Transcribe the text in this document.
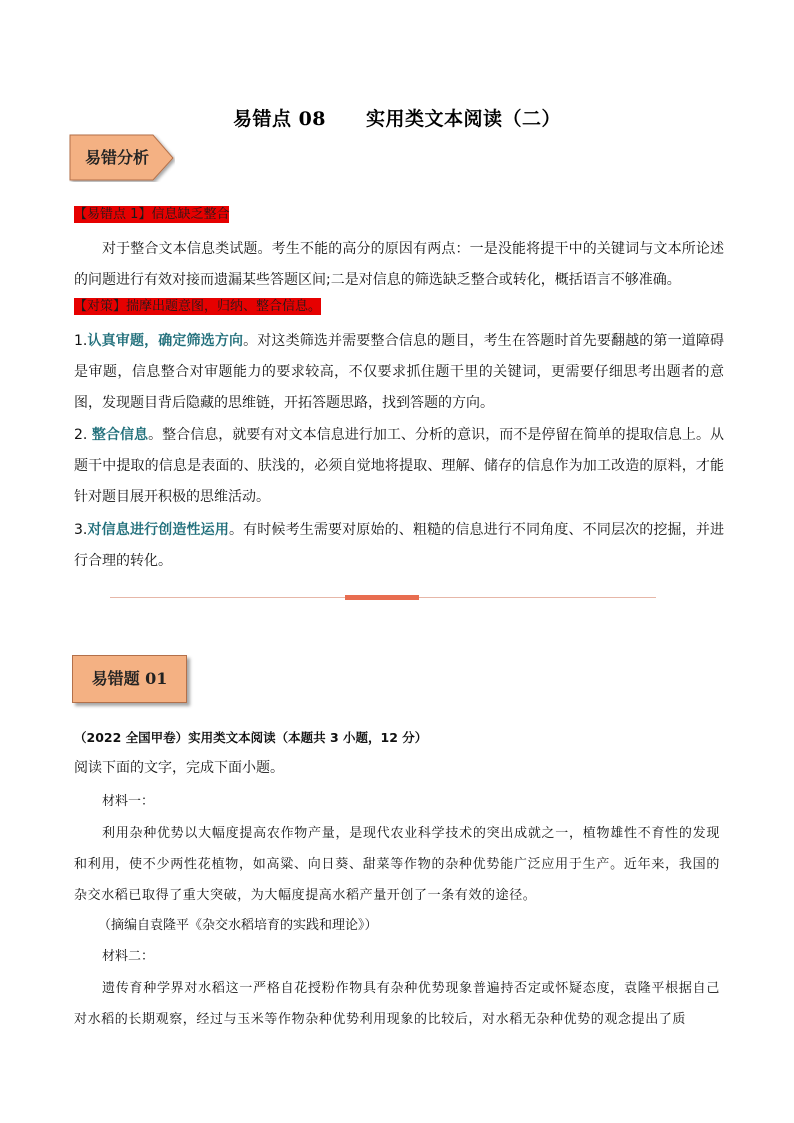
易错点 08 实用类文本阅读（二）
易错分析
【易错点 1】信息缺乏整合
对于整合文本信息类试题。考生不能的高分的原因有两点：一是没能将提干中的关键词与文本所论述的问题进行有效对接而遗漏某些答题区间;二是对信息的筛选缺乏整合或转化，概括语言不够准确。
【对策】揣摩出题意图，归纳、整合信息。
1.认真审题，确定筛选方向。对这类筛选并需要整合信息的题目，考生在答题时首先要翻越的第一道障碍是审题，信息整合对审题能力的要求较高，不仅要求抓住题干里的关键词，更需要仔细思考出题者的意图，发现题目背后隐藏的思维链，开拓答题思路，找到答题的方向。
2. 整合信息。整合信息，就要有对文本信息进行加工、分析的意识，而不是停留在简单的提取信息上。从题干中提取的信息是表面的、肤浅的，必须自觉地将提取、理解、储存的信息作为加工改造的原料，才能针对题目展开积极的思维活动。
3.对信息进行创造性运用。有时候考生需要对原始的、粗糙的信息进行不同角度、不同层次的挖掘，并进行合理的转化。
易错题 01
（2022 全国甲卷）实用类文本阅读（本题共 3 小题，12 分）
阅读下面的文字，完成下面小题。
材料一：
利用杂种优势以大幅度提高农作物产量，是现代农业科学技术的突出成就之一，植物雄性不育性的发现和利用，使不少两性花植物，如高粱、向日葵、甜菜等作物的杂种优势能广泛应用于生产。近年来，我国的杂交水稻已取得了重大突破，为大幅度提高水稻产量开创了一条有效的途径。
（摘编自袁隆平《杂交水稻培育的实践和理论》）
材料二：
遗传育种学界对水稻这一严格自花授粉作物具有杂种优势现象普遍持否定或怀疑态度，袁隆平根据自己对水稻的长期观察，经过与玉米等作物杂种优势利用现象的比较后，对水稻无杂种优势的观念提出了质
